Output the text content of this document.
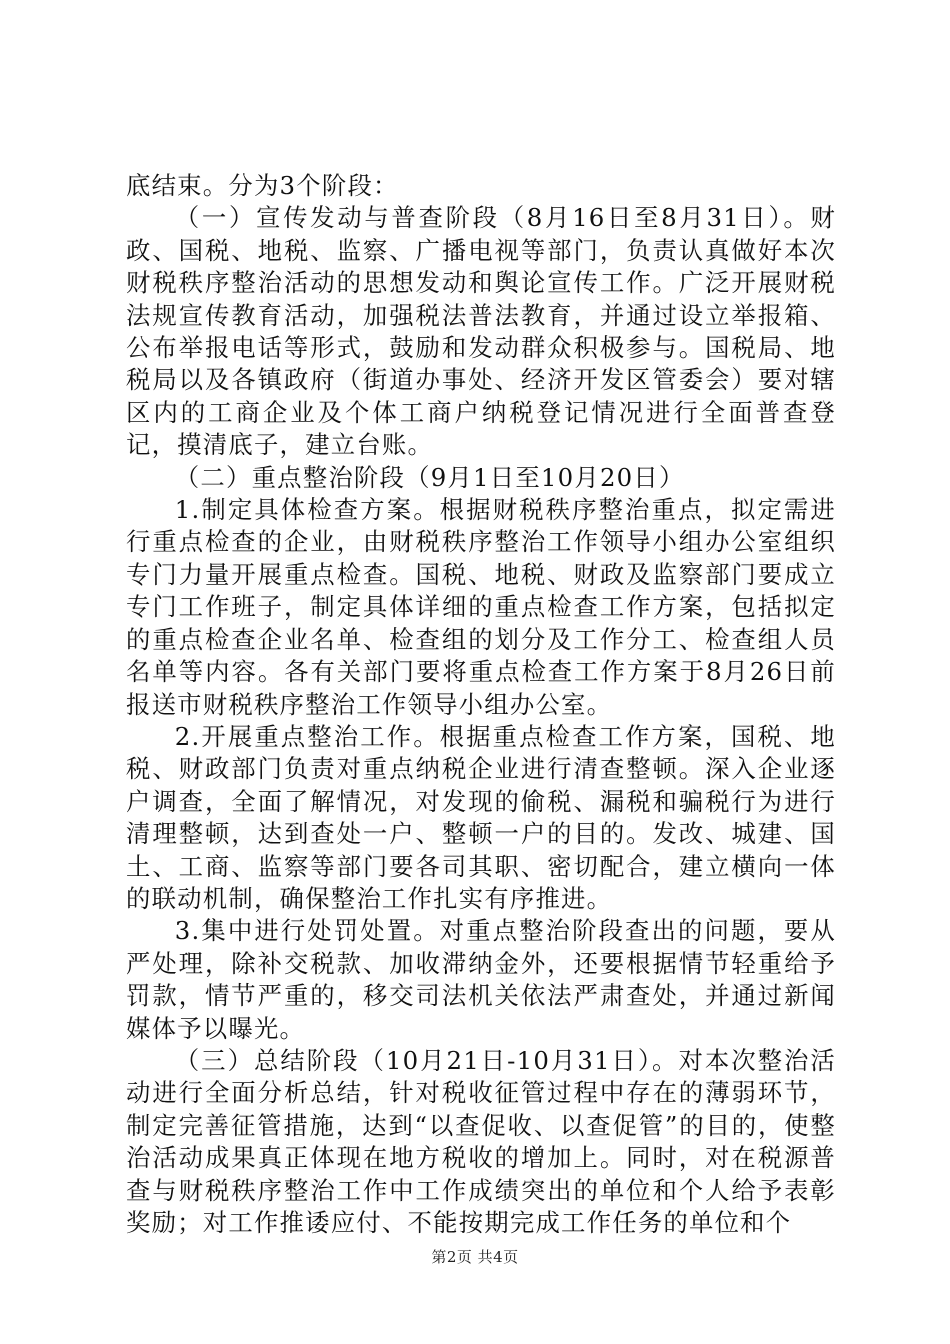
底结束。分为3个阶段：

（一）宣传发动与普查阶段（8月16日至8月31日）。财政、国税、地税、监察、广播电视等部门，负责认真做好本次财税秩序整治活动的思想发动和舆论宣传工作。广泛开展财税法规宣传教育活动，加强税法普法教育，并通过设立举报箱、公布举报电话等形式，鼓励和发动群众积极参与。国税局、地税局以及各镇政府（街道办事处、经济开发区管委会）要对辖区内的工商企业及个体工商户纳税登记情况进行全面普查登记，摸清底子，建立台账。

（二）重点整治阶段（9月1日至10月20日）

1.制定具体检查方案。根据财税秩序整治重点，拟定需进行重点检查的企业，由财税秩序整治工作领导小组办公室组织专门力量开展重点检查。国税、地税、财政及监察部门要成立专门工作班子，制定具体详细的重点检查工作方案，包括拟定的重点检查企业名单、检查组的划分及工作分工、检查组人员名单等内容。各有关部门要将重点检查工作方案于8月26日前报送市财税秩序整治工作领导小组办公室。

2.开展重点整治工作。根据重点检查工作方案，国税、地税、财政部门负责对重点纳税企业进行清查整顿。深入企业逐户调查，全面了解情况，对发现的偷税、漏税和骗税行为进行清理整顿，达到查处一户、整顿一户的目的。发改、城建、国土、工商、监察等部门要各司其职、密切配合，建立横向一体的联动机制，确保整治工作扎实有序推进。

3.集中进行处罚处置。对重点整治阶段查出的问题，要从严处理，除补交税款、加收滞纳金外，还要根据情节轻重给予罚款，情节严重的，移交司法机关依法严肃查处，并通过新闻媒体予以曝光。

（三）总结阶段（10月21日-10月31日）。对本次整治活动进行全面分析总结，针对税收征管过程中存在的薄弱环节，制定完善征管措施，达到“以查促收、以查促管”的目的，使整治活动成果真正体现在地方税收的增加上。同时，对在税源普查与财税秩序整治工作中工作成绩突出的单位和个人给予表彰奖励；对工作推诿应付、不能按期完成工作任务的单位和个

第2页 共4页
